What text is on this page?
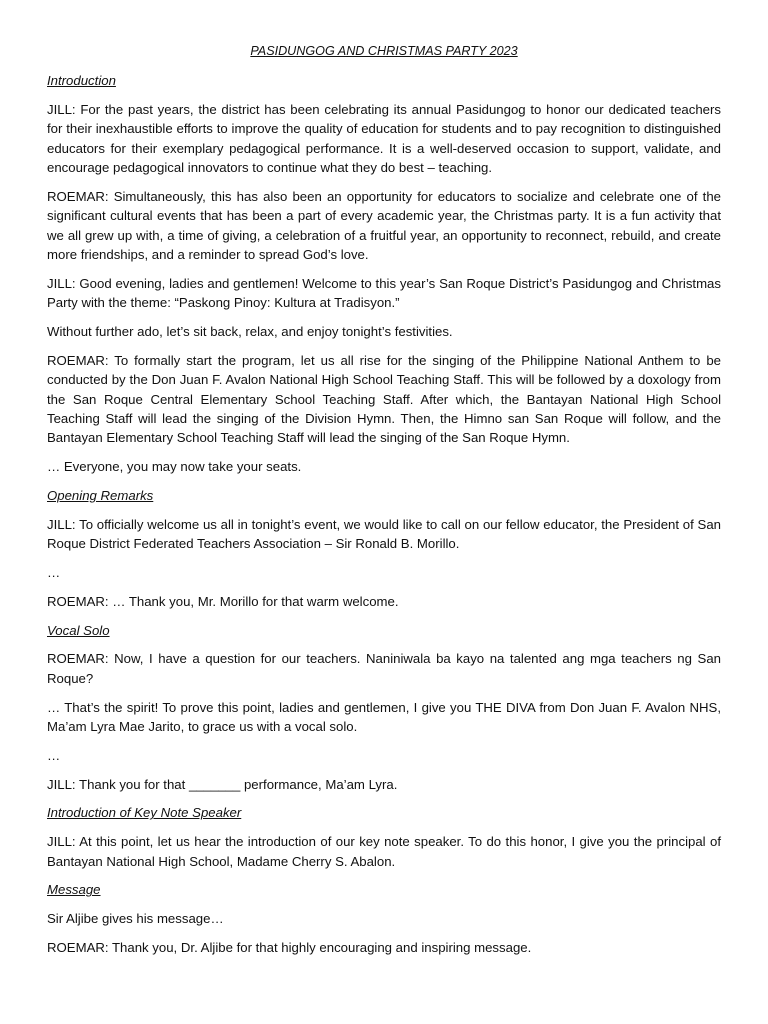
PASIDUNGOG AND CHRISTMAS PARTY 2023
Introduction

JILL: For the past years, the district has been celebrating its annual Pasidungog to honor our dedicated teachers for their inexhaustible efforts to improve the quality of education for students and to pay recognition to distinguished educators for their exemplary pedagogical performance. It is a well-deserved occasion to support, validate, and encourage pedagogical innovators to continue what they do best – teaching.

ROEMAR: Simultaneously, this has also been an opportunity for educators to socialize and celebrate one of the significant cultural events that has been a part of every academic year, the Christmas party. It is a fun activity that we all grew up with, a time of giving, a celebration of a fruitful year, an opportunity to reconnect, rebuild, and create more friendships, and a reminder to spread God’s love.

JILL: Good evening, ladies and gentlemen! Welcome to this year’s San Roque District’s Pasidungog and Christmas Party with the theme: “Paskong Pinoy: Kultura at Tradisyon.”

Without further ado, let’s sit back, relax, and enjoy tonight’s festivities.

ROEMAR: To formally start the program, let us all rise for the singing of the Philippine National Anthem to be conducted by the Don Juan F. Avalon National High School Teaching Staff. This will be followed by a doxology from the San Roque Central Elementary School Teaching Staff. After which, the Bantayan National High School Teaching Staff will lead the singing of the Division Hymn. Then, the Himno san San Roque will follow, and the Bantayan Elementary School Teaching Staff will lead the singing of the San Roque Hymn.

… Everyone, you may now take your seats.

Opening Remarks

JILL: To officially welcome us all in tonight’s event, we would like to call on our fellow educator, the President of San Roque District Federated Teachers Association – Sir Ronald B. Morillo.

…

ROEMAR: … Thank you, Mr. Morillo for that warm welcome.

Vocal Solo

ROEMAR: Now, I have a question for our teachers. Naniniwala ba kayo na talented ang mga teachers ng San Roque?

… That’s the spirit! To prove this point, ladies and gentlemen, I give you THE DIVA from Don Juan F. Avalon NHS, Ma’am Lyra Mae Jarito, to grace us with a vocal solo.

…

JILL: Thank you for that _______ performance, Ma’am Lyra.

Introduction of Key Note Speaker

JILL: At this point, let us hear the introduction of our key note speaker. To do this honor, I give you the principal of Bantayan National High School, Madame Cherry S. Abalon.

Message

Sir Aljibe gives his message…

ROEMAR: Thank you, Dr. Aljibe for that highly encouraging and inspiring message.
